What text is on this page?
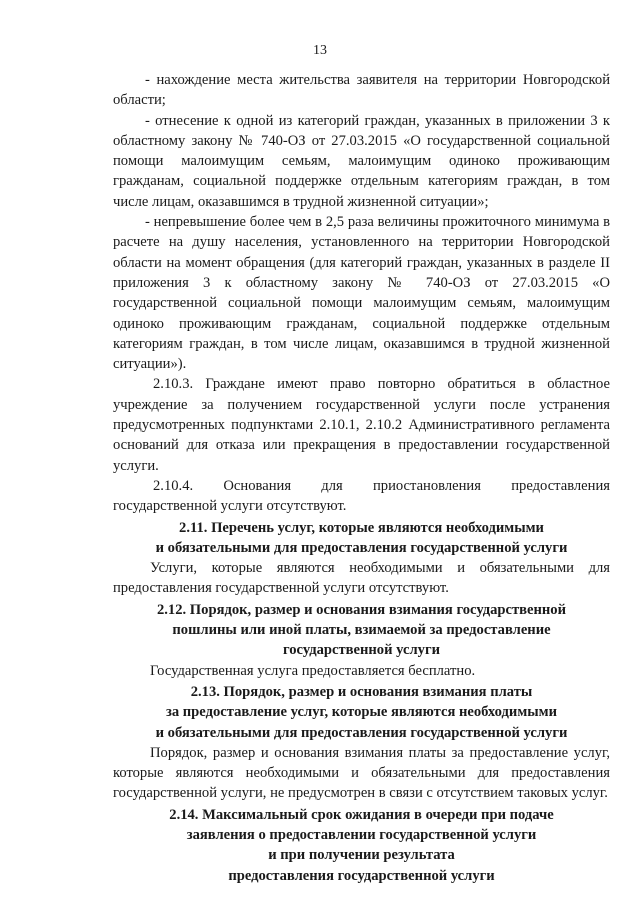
13

- нахождение места жительства заявителя на территории Новгородской области;

- отнесение к одной из категорий граждан, указанных в приложении 3 к областному закону № 740-ОЗ от 27.03.2015 «О государственной социальной помощи малоимущим семьям, малоимущим одиноко проживающим гражданам, социальной поддержке отдельным категориям граждан, в том числе лицам, оказавшимся в трудной жизненной ситуации»;

- непревышение более чем в 2,5 раза величины прожиточного минимума в расчете на душу населения, установленного на территории Новгородской области на момент обращения (для категорий граждан, указанных в разделе II приложения 3 к областному закону № 740-ОЗ от 27.03.2015 «О государственной социальной помощи малоимущим семьям, малоимущим одиноко проживающим гражданам, социальной поддержке отдельным категориям граждан, в том числе лицам, оказавшимся в трудной жизненной ситуации»).

2.10.3. Граждане имеют право повторно обратиться в областное учреждение за получением государственной услуги после устранения предусмотренных подпунктами 2.10.1, 2.10.2 Административного регламента оснований для отказа или прекращения в предоставлении государственной услуги.

2.10.4. Основания для приостановления предоставления государственной услуги отсутствуют.

2.11. Перечень услуг, которые являются необходимыми
и обязательными для предоставления государственной услуги

Услуги, которые являются необходимыми и обязательными для предоставления государственной услуги отсутствуют.

2.12. Порядок, размер и основания взимания государственной
пошлины или иной платы, взимаемой за предоставление
государственной услуги

Государственная услуга предоставляется бесплатно.

2.13. Порядок, размер и основания взимания платы
за предоставление услуг, которые являются необходимыми
и обязательными для предоставления государственной услуги

Порядок, размер и основания взимания платы за предоставление услуг, которые являются необходимыми и обязательными для предоставления государственной услуги, не предусмотрен в связи с отсутствием таковых услуг.

2.14. Максимальный срок ожидания в очереди при подаче
заявления о предоставлении государственной услуги
и при получении результата
предоставления государственной услуги
